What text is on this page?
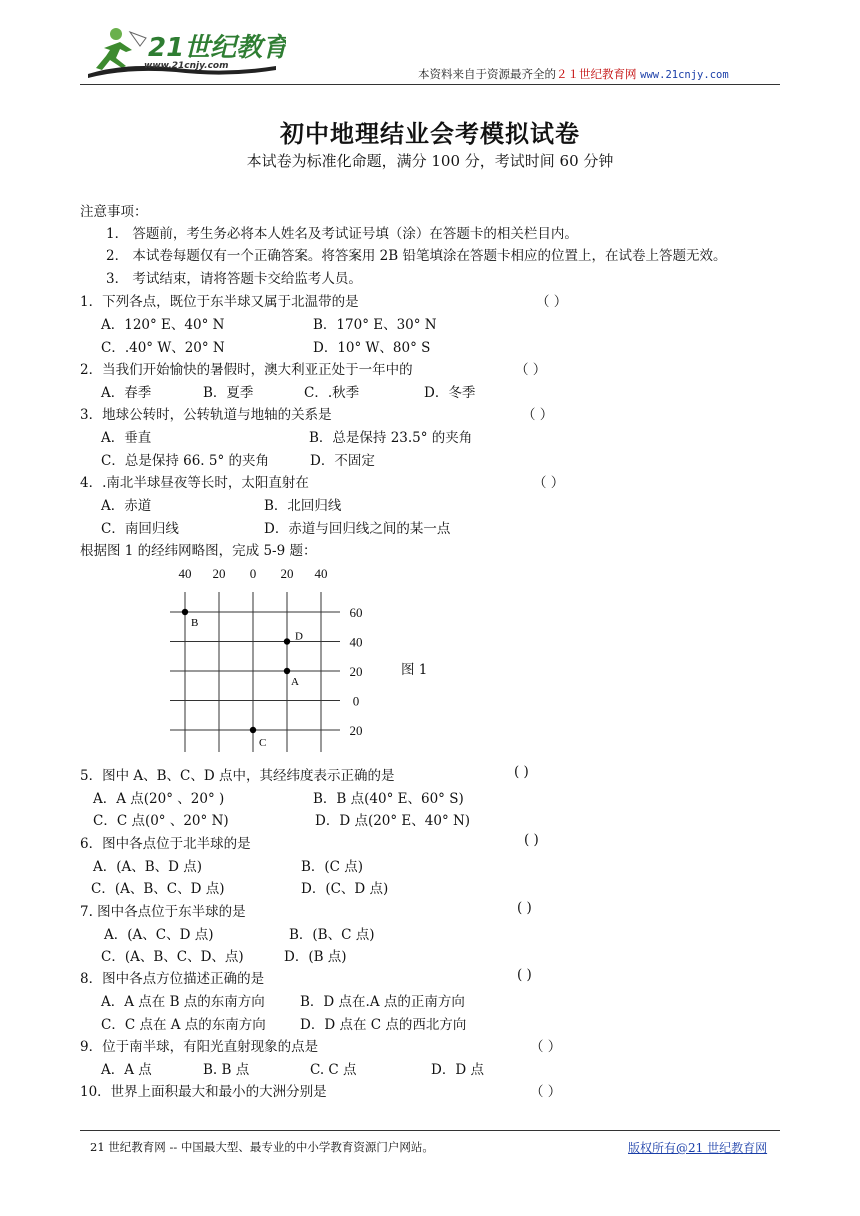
21世纪教育
www.21cnjy.com
本资料来自于资源最齐全的２１世纪教育网 www.21cnjy.com
初中地理结业会考模拟试卷
本试卷为标准化命题，满分 100 分，考试时间 60 分钟
注意事项：
1． 答题前，考生务必将本人姓名及考试证号填（涂）在答题卡的相关栏目内。
2． 本试卷每题仅有一个正确答案。将答案用 2B 铅笔填涂在答题卡相应的位置上，在试卷上答题无效。
3． 考试结束，请将答题卡交给监考人员。
1．下列各点，既位于东半球又属于北温带的是	（ ）
A．120° E、40° N	B．170° E、30° N
C．.40° W、20° N	D．10° W、80° S
2．当我们开始愉快的暑假时，澳大利亚正处于一年中的	（ ）
A．春季	B．夏季	C．.秋季	D．冬季
3．地球公转时，公转轨道与地轴的关系是	（ ）
A．垂直	B．总是保持 23.5° 的夹角
C．总是保持 66. 5° 的夹角	D．不固定
4．.南北半球昼夜等长时，太阳直射在	（ ）
A．赤道	B．北回归线
C．南回归线	D．赤道与回归线之间的某一点
根据图 1 的经纬网略图，完成 5-9 题：
40 20 0 20 40
60
40
20
0
20
B
D
A
C
图 1
5．图中 A、B、C、D 点中，其经纬度表示正确的是	( )
A．A 点(20° 、20° )	B．B 点(40° E、60° S)
C．C 点(0° 、20° N)	D．D 点(20° E、40° N)
6．图中各点位于北半球的是	( )
A．(A、B、D 点)	B．(C 点)
C．(A、B、C、D 点)	D．(C、D 点)
7. 图中各点位于东半球的是	( )
A．(A、C、D 点)	B．(B、C 点)
C．(A、B、C、D、点)	D．(B 点)
8．图中各点方位描述正确的是	( )
A．A 点在 B 点的东南方向	B．D 点在.A 点的正南方向
C．C 点在 A 点的东南方向	D．D 点在 C 点的西北方向
9．位于南半球，有阳光直射现象的点是	（ ）
A．A 点	B. B 点	C. C 点	D．D 点
10．世界上面积最大和最小的大洲分别是	（ ）
21 世纪教育网 -- 中国最大型、最专业的中小学教育资源门户网站。	版权所有@21 世纪教育网
